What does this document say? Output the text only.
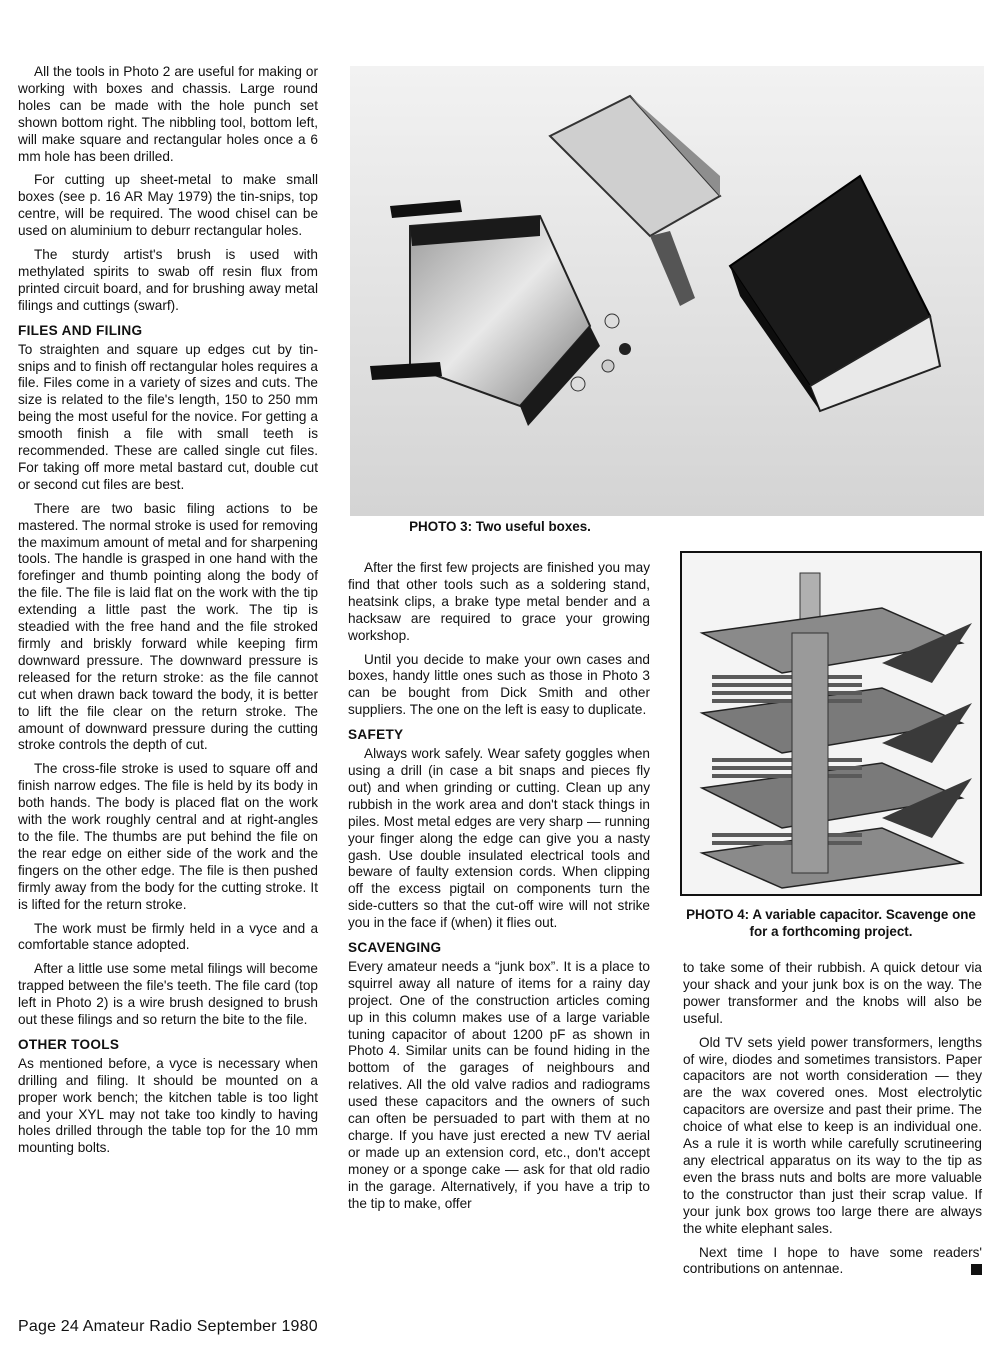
All the tools in Photo 2 are useful for making or working with boxes and chassis. Large round holes can be made with the hole punch set shown bottom right. The nibbling tool, bottom left, will make square and rectangular holes once a 6 mm hole has been drilled.

For cutting up sheet-metal to make small boxes (see p. 16 AR May 1979) the tin-snips, top centre, will be required. The wood chisel can be used on aluminium to deburr rectangular holes.

The sturdy artist's brush is used with methylated spirits to swab off resin flux from printed circuit board, and for brushing away metal filings and cuttings (swarf).

FILES AND FILING

To straighten and square up edges cut by tin-snips and to finish off rectangular holes requires a file. Files come in a variety of sizes and cuts. The size is related to the file's length, 150 to 250 mm being the most useful for the novice. For getting a smooth finish a file with small teeth is recommended. These are called single cut files. For taking off more metal bastard cut, double cut or second cut files are best.

There are two basic filing actions to be mastered. The normal stroke is used for removing the maximum amount of metal and for sharpening tools. The handle is grasped in one hand with the forefinger and thumb pointing along the body of the file. The file is laid flat on the work with the tip extending a little past the work. The tip is steadied with the free hand and the file stroked firmly and briskly forward while keeping firm downward pressure. The downward pressure is released for the return stroke: as the file cannot cut when drawn back toward the body, it is better to lift the file clear on the return stroke. The amount of downward pressure during the cutting stroke controls the depth of cut.

The cross-file stroke is used to square off and finish narrow edges. The file is held by its body in both hands. The body is placed flat on the work with the work roughly central and at right-angles to the file. The thumbs are put behind the file on the rear edge on either side of the work and the fingers on the other edge. The file is then pushed firmly away from the body for the cutting stroke. It is lifted for the return stroke.

The work must be firmly held in a vyce and a comfortable stance adopted.

After a little use some metal filings will become trapped between the file's teeth. The file card (top left in Photo 2) is a wire brush designed to brush out these filings and so return the bite to the file.

OTHER TOOLS

As mentioned before, a vyce is necessary when drilling and filing. It should be mounted on a proper work bench; the kitchen table is too light and your XYL may not take too kindly to having holes drilled through the table top for the 10 mm mounting bolts.

PHOTO 3: Two useful boxes.

After the first few projects are finished you may find that other tools such as a soldering stand, heatsink clips, a brake type metal bender and a hacksaw are required to grace your growing workshop.

Until you decide to make your own cases and boxes, handy little ones such as those in Photo 3 can be bought from Dick Smith and other suppliers. The one on the left is easy to duplicate.

SAFETY

Always work safely. Wear safety goggles when using a drill (in case a bit snaps and pieces fly out) and when grinding or cutting. Clean up any rubbish in the work area and don't stack things in piles. Most metal edges are very sharp — running your finger along the edge can give you a nasty gash. Use double insulated electrical tools and beware of faulty extension cords. When clipping off the excess pigtail on components turn the side-cutters so that the cut-off wire will not strike you in the face if (when) it flies out.

SCAVENGING

Every amateur needs a “junk box”. It is a place to squirrel away all nature of items for a rainy day project. One of the construction articles coming up in this column makes use of a large variable tuning capacitor of about 1200 pF as shown in Photo 4. Similar units can be found hiding in the bottom of the garages of neighbours and relatives. All the old valve radios and radiograms used these capacitors and the owners of such can often be persuaded to part with them at no charge. If you have just erected a new TV aerial or made up an extension cord, etc., don't accept money or a sponge cake — ask for that old radio in the garage. Alternatively, if you have a trip to the tip to make, offer

PHOTO 4: A variable capacitor. Scavenge one for a forthcoming project.

to take some of their rubbish. A quick detour via your shack and your junk box is on the way. The power transformer and the knobs will also be useful.

Old TV sets yield power transformers, lengths of wire, diodes and sometimes transistors. Paper capacitors are not worth consideration — they are the wax covered ones. Most electrolytic capacitors are oversize and past their prime. The choice of what else to keep is an individual one. As a rule it is worth while carefully scrutineering any electrical apparatus on its way to the tip as even the brass nuts and bolts are more valuable to the constructor than just their scrap value. If your junk box grows too large there are always the white elephant sales.

Next time I hope to have some readers' contributions on antennae.

Page 24 Amateur Radio September 1980
